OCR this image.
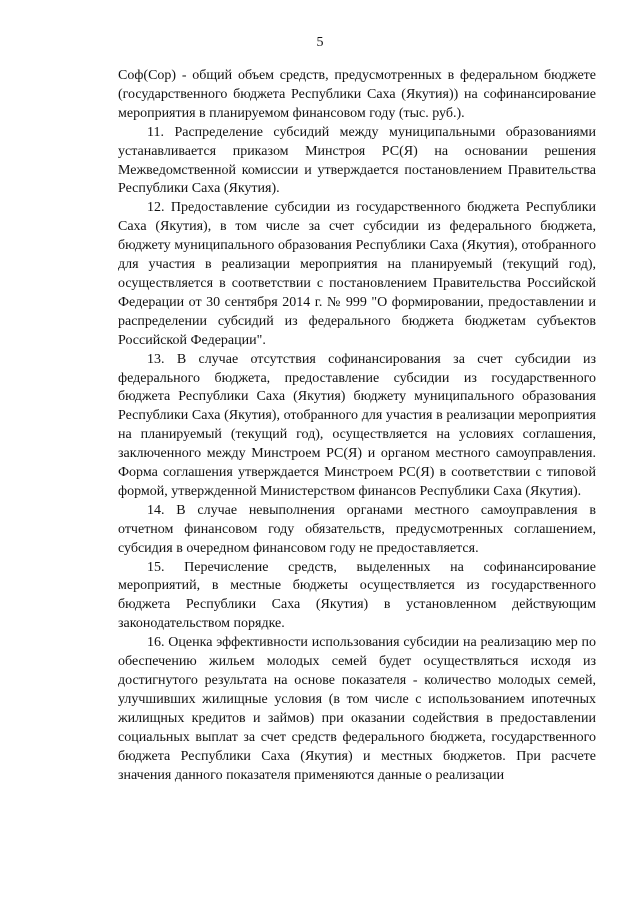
5

Соф(Сор) - общий объем средств, предусмотренных в федеральном бюджете (государственного бюджета Республики Саха (Якутия)) на софинансирование мероприятия в планируемом финансовом году (тыс. руб.).

11. Распределение субсидий между муниципальными образованиями устанавливается приказом Минстроя РС(Я) на основании решения Межведомственной комиссии и утверждается постановлением Правительства Республики Саха (Якутия).

12. Предоставление субсидии из государственного бюджета Республики Саха (Якутия), в том числе за счет субсидии из федерального бюджета, бюджету муниципального образования Республики Саха (Якутия), отобранного для участия в реализации мероприятия на планируемый (текущий год), осуществляется в соответствии с постановлением Правительства Российской Федерации от 30 сентября 2014 г. № 999 "О формировании, предоставлении и распределении субсидий из федерального бюджета бюджетам субъектов Российской Федерации".

13. В случае отсутствия софинансирования за счет субсидии из федерального бюджета, предоставление субсидии из государственного бюджета Республики Саха (Якутия) бюджету муниципального образования Республики Саха (Якутия), отобранного для участия в реализации мероприятия на планируемый (текущий год), осуществляется на условиях соглашения, заключенного между Минстроем РС(Я) и органом местного самоуправления. Форма соглашения утверждается Минстроем РС(Я) в соответствии с типовой формой, утвержденной Министерством финансов Республики Саха (Якутия).

14. В случае невыполнения органами местного самоуправления в отчетном финансовом году обязательств, предусмотренных соглашением, субсидия в очередном финансовом году не предоставляется.

15. Перечисление средств, выделенных на софинансирование мероприятий, в местные бюджеты осуществляется из государственного бюджета Республики Саха (Якутия) в установленном действующим законодательством порядке.

16. Оценка эффективности использования субсидии на реализацию мер по обеспечению жильем молодых семей будет осуществляться исходя из достигнутого результата на основе показателя - количество молодых семей, улучшивших жилищные условия (в том числе с использованием ипотечных жилищных кредитов и займов) при оказании содействия в предоставлении социальных выплат за счет средств федерального бюджета, государственного бюджета Республики Саха (Якутия) и местных бюджетов. При расчете значения данного показателя применяются данные о реализации
